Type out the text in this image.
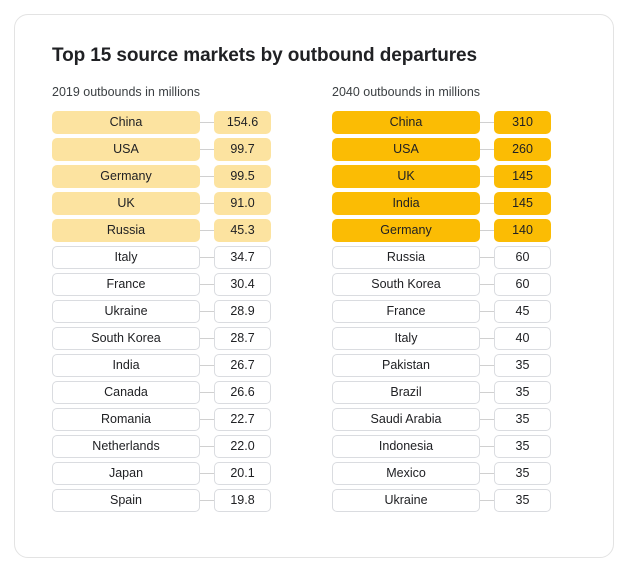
Top 15 source markets by outbound departures
2019 outbounds in millions
China	154.6
USA	99.7
Germany	99.5
UK	91.0
Russia	45.3
Italy	34.7
France	30.4
Ukraine	28.9
South Korea	28.7
India	26.7
Canada	26.6
Romania	22.7
Netherlands	22.0
Japan	20.1
Spain	19.8
2040 outbounds in millions
China	310
USA	260
UK	145
India	145
Germany	140
Russia	60
South Korea	60
France	45
Italy	40
Pakistan	35
Brazil	35
Saudi Arabia	35
Indonesia	35
Mexico	35
Ukraine	35
